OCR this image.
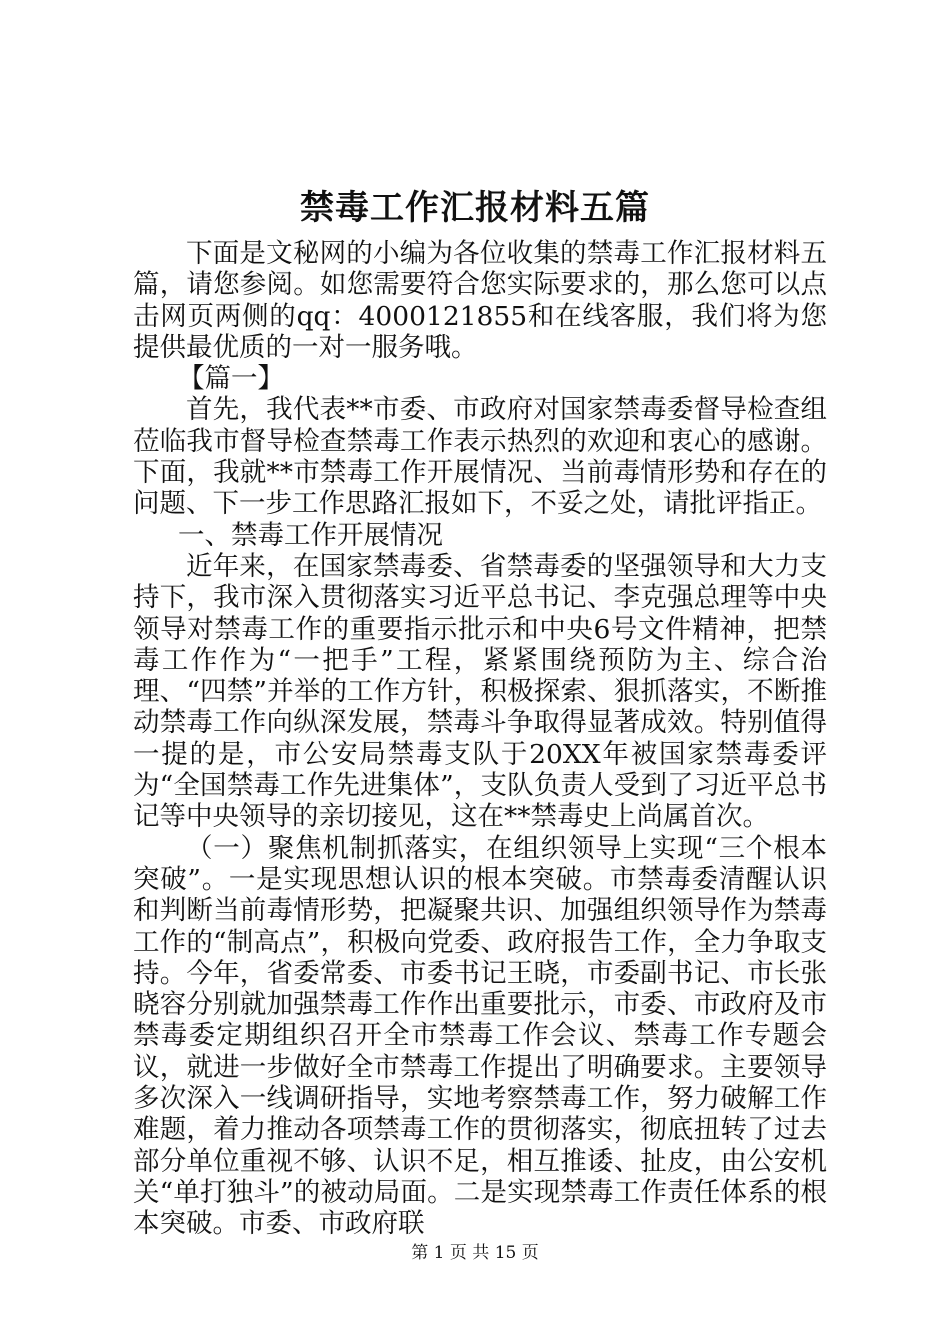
禁毒工作汇报材料五篇

下面是文秘网的小编为各位收集的禁毒工作汇报材料五篇，请您参阅。如您需要符合您实际要求的，那么您可以点击网页两侧的qq：4000121855和在线客服，我们将为您提供最优质的一对一服务哦。

【篇一】

首先，我代表**市委、市政府对国家禁毒委督导检查组莅临我市督导检查禁毒工作表示热烈的欢迎和衷心的感谢。下面，我就**市禁毒工作开展情况、当前毒情形势和存在的问题、下一步工作思路汇报如下，不妥之处，请批评指正。

一、禁毒工作开展情况

近年来，在国家禁毒委、省禁毒委的坚强领导和大力支持下，我市深入贯彻落实习近平总书记、李克强总理等中央领导对禁毒工作的重要指示批示和中央6号文件精神，把禁毒工作作为“一把手”工程，紧紧围绕预防为主、综合治理、“四禁”并举的工作方针，积极探索、狠抓落实，不断推动禁毒工作向纵深发展，禁毒斗争取得显著成效。特别值得一提的是，市公安局禁毒支队于20XX年被国家禁毒委评为“全国禁毒工作先进集体”，支队负责人受到了习近平总书记等中央领导的亲切接见，这在**禁毒史上尚属首次。

（一）聚焦机制抓落实，在组织领导上实现“三个根本突破”。一是实现思想认识的根本突破。市禁毒委清醒认识和判断当前毒情形势，把凝聚共识、加强组织领导作为禁毒工作的“制高点”，积极向党委、政府报告工作，全力争取支持。今年，省委常委、市委书记王晓，市委副书记、市长张晓容分别就加强禁毒工作作出重要批示，市委、市政府及市禁毒委定期组织召开全市禁毒工作会议、禁毒工作专题会议，就进一步做好全市禁毒工作提出了明确要求。主要领导多次深入一线调研指导，实地考察禁毒工作，努力破解工作难题，着力推动各项禁毒工作的贯彻落实，彻底扭转了过去部分单位重视不够、认识不足，相互推诿、扯皮，由公安机关“单打独斗”的被动局面。二是实现禁毒工作责任体系的根本突破。市委、市政府联

第 1 页 共 15 页
